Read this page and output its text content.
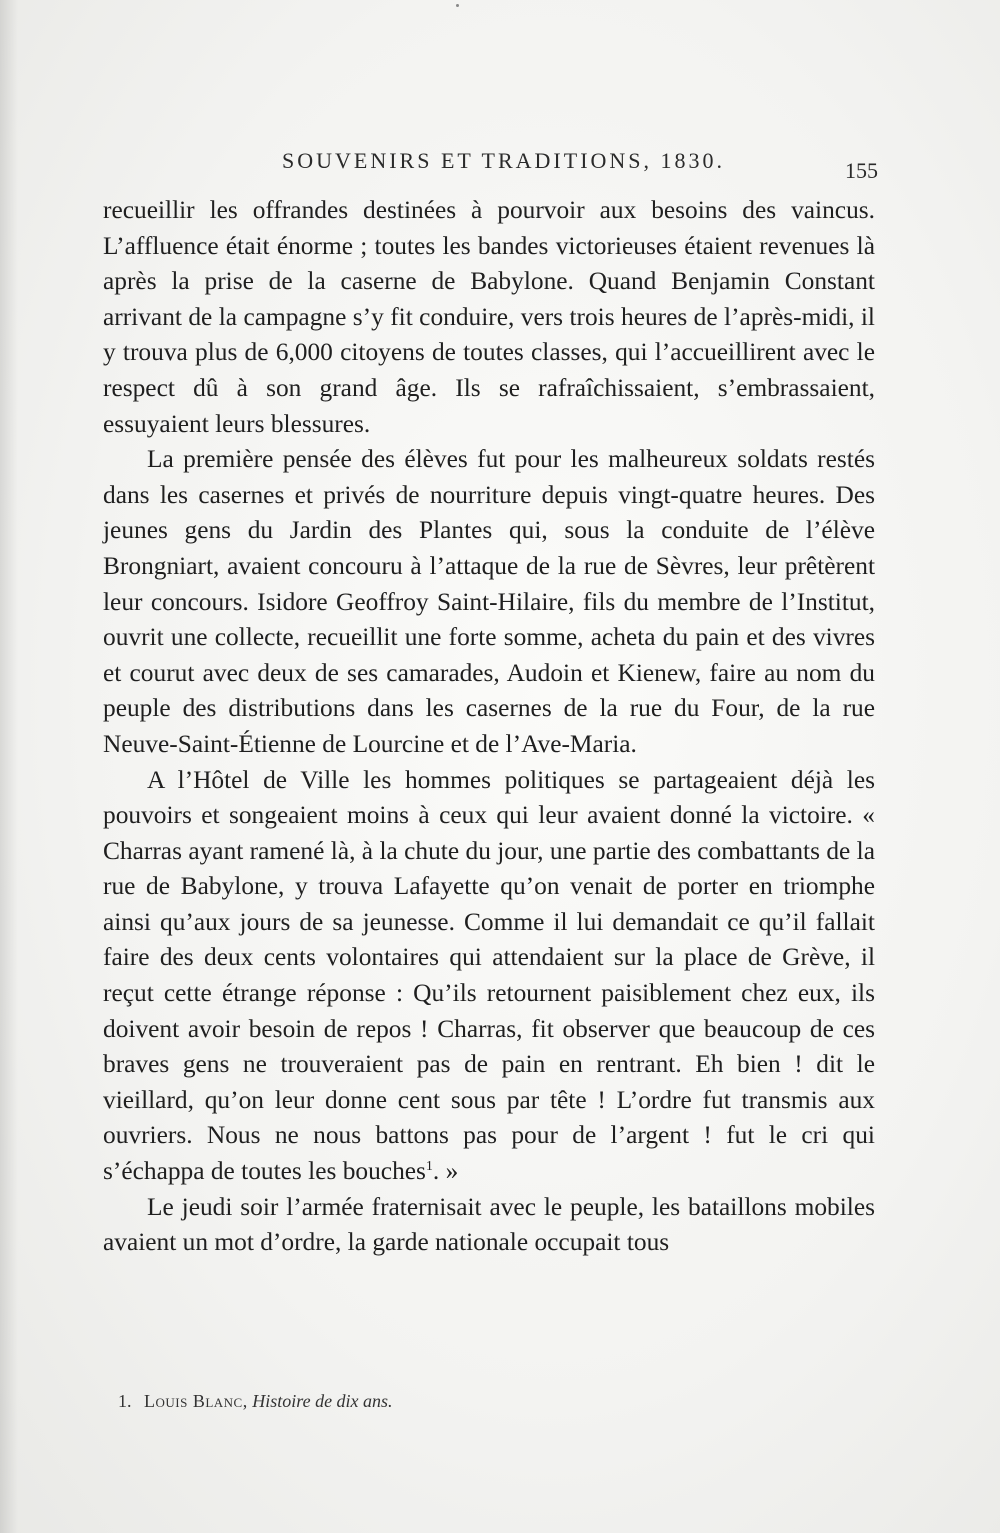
SOUVENIRS ET TRADITIONS, 1830.	155

recueillir les offrandes destinées à pourvoir aux besoins des vaincus. L’affluence était énorme ; toutes les bandes victorieuses étaient revenues là après la prise de la caserne de Babylone. Quand Benjamin Constant arrivant de la campagne s’y fit conduire, vers trois heures de l’après-midi, il y trouva plus de 6,000 citoyens de toutes classes, qui l’accueillirent avec le respect dû à son grand âge. Ils se rafraîchissaient, s’embrassaient, essuyaient leurs blessures.

La première pensée des élèves fut pour les malheureux soldats restés dans les casernes et privés de nourriture depuis vingt-quatre heures. Des jeunes gens du Jardin des Plantes qui, sous la conduite de l’élève Brongniart, avaient concouru à l’attaque de la rue de Sèvres, leur prêtèrent leur concours. Isidore Geoffroy Saint-Hilaire, fils du membre de l’Institut, ouvrit une collecte, recueillit une forte somme, acheta du pain et des vivres et courut avec deux de ses camarades, Audoin et Kienew, faire au nom du peuple des distributions dans les casernes de la rue du Four, de la rue Neuve-Saint-Étienne de Lourcine et de l’Ave-Maria.

A l’Hôtel de Ville les hommes politiques se partageaient déjà les pouvoirs et songeaient moins à ceux qui leur avaient donné la victoire. « Charras ayant ramené là, à la chute du jour, une partie des combattants de la rue de Babylone, y trouva Lafayette qu’on venait de porter en triomphe ainsi qu’aux jours de sa jeunesse. Comme il lui demandait ce qu’il fallait faire des deux cents volontaires qui attendaient sur la place de Grève, il reçut cette étrange réponse : Qu’ils retournent paisiblement chez eux, ils doivent avoir besoin de repos ! Charras, fit observer que beaucoup de ces braves gens ne trouveraient pas de pain en rentrant. Eh bien ! dit le vieillard, qu’on leur donne cent sous par tête ! L’ordre fut transmis aux ouvriers. Nous ne nous battons pas pour de l’argent ! fut le cri qui s’échappa de toutes les bouches$^1$. »

Le jeudi soir l’armée fraternisait avec le peuple, les bataillons mobiles avaient un mot d’ordre, la garde nationale occupait tous

1. Louis Blanc, Histoire de dix ans.
